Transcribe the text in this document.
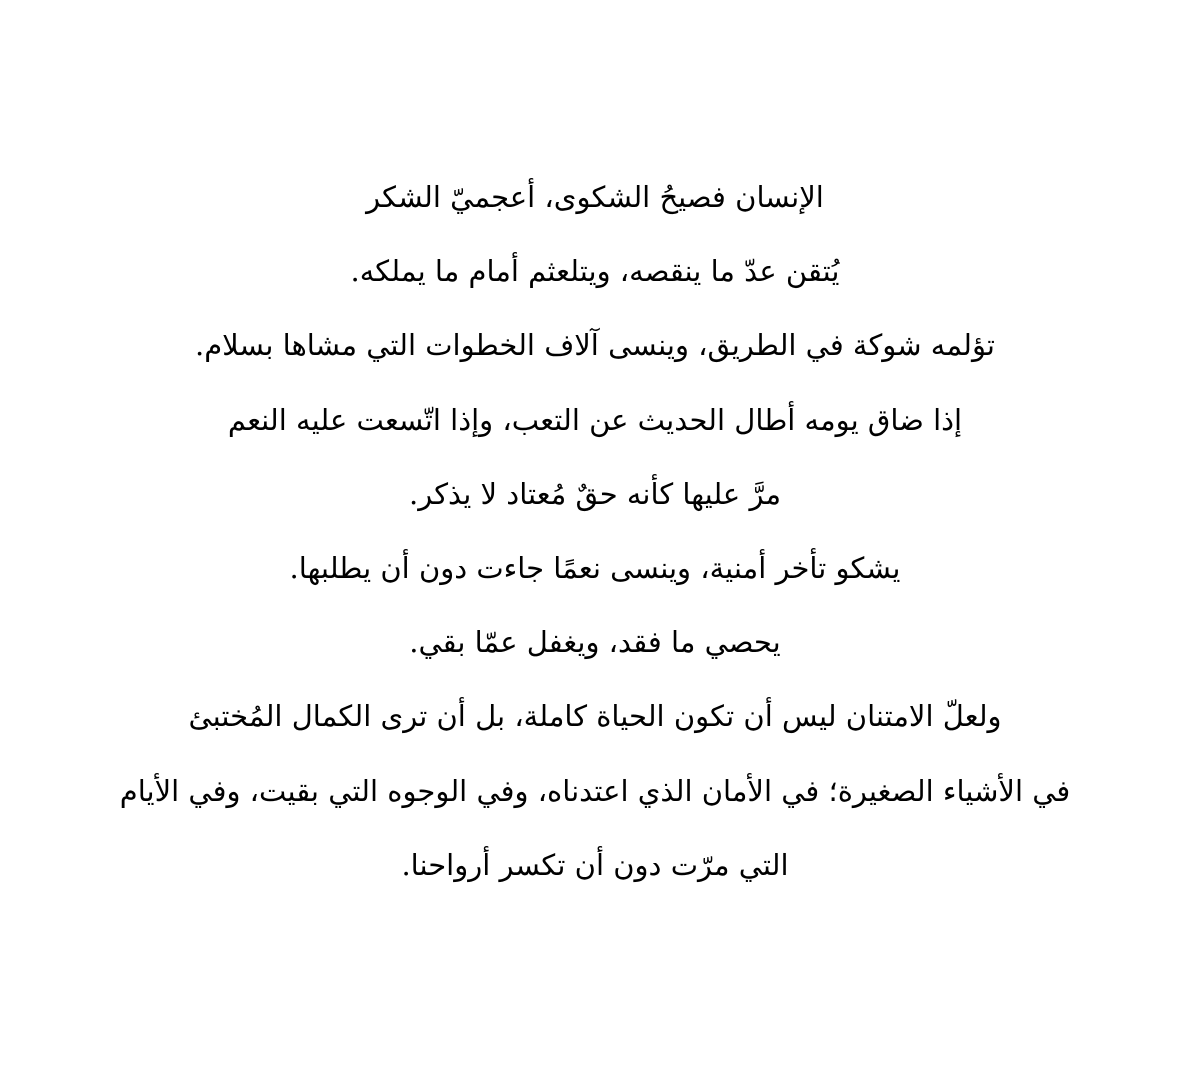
الإنسان فصيحُ الشكوى، أعجميّ الشكر
يُتقن عدّ ما ينقصه، ويتلعثم أمام ما يملكه.
تؤلمه شوكة في الطريق، وينسى آلاف الخطوات التي مشاها بسلام.
إذا ضاق يومه أطال الحديث عن التعب، وإذا اتّسعت عليه النعم
مرَّ عليها كأنه حقٌ مُعتاد لا يذكر.
يشكو تأخر أمنية، وينسى نعمًا جاءت دون أن يطلبها.
يحصي ما فقد، ويغفل عمّا بقي.
ولعلّ الامتنان ليس أن تكون الحياة كاملة، بل أن ترى الكمال المُختبئ
في الأشياء الصغيرة؛ في الأمان الذي اعتدناه، وفي الوجوه التي بقيت، وفي الأيام
التي مرّت دون أن تكسر أرواحنا.
